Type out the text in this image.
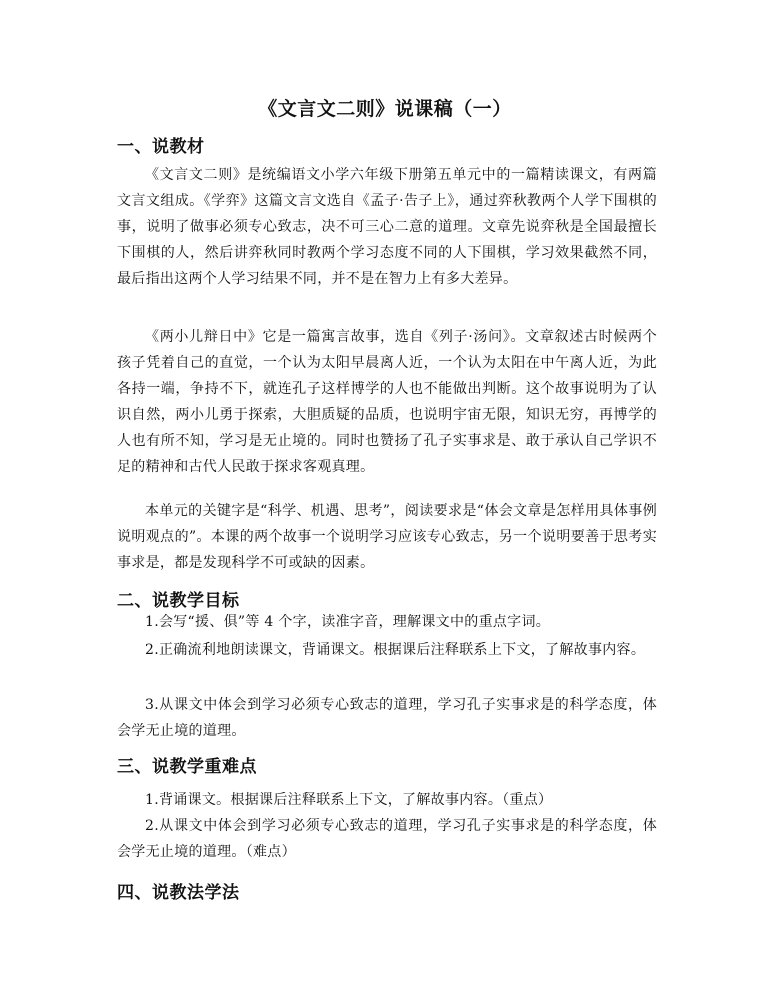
《文言文二则》说课稿（一）
一、说教材
《文言文二则》是统编语文小学六年级下册第五单元中的一篇精读课文，有两篇文言文组成。《学弈》这篇文言文选自《孟子·告子上》，通过弈秋教两个人学下围棋的事，说明了做事必须专心致志，决不可三心二意的道理。文章先说弈秋是全国最擅长下围棋的人，然后讲弈秋同时教两个学习态度不同的人下围棋，学习效果截然不同，最后指出这两个人学习结果不同，并不是在智力上有多大差异。
《两小儿辩日中》它是一篇寓言故事，选自《列子·汤问》。文章叙述古时候两个孩子凭着自己的直觉，一个认为太阳早晨离人近，一个认为太阳在中午离人近，为此各持一端，争持不下，就连孔子这样博学的人也不能做出判断。这个故事说明为了认识自然，两小儿勇于探索，大胆质疑的品质，也说明宇宙无限，知识无穷，再博学的人也有所不知，学习是无止境的。同时也赞扬了孔子实事求是、敢于承认自己学识不足的精神和古代人民敢于探求客观真理。
本单元的关键字是“科学、机遇、思考”，阅读要求是“体会文章是怎样用具体事例说明观点的”。本课的两个故事一个说明学习应该专心致志，另一个说明要善于思考实事求是，都是发现科学不可或缺的因素。
二、说教学目标
1.会写“援、俱”等 4 个字，读准字音，理解课文中的重点字词。
2.正确流利地朗读课文，背诵课文。根据课后注释联系上下文，了解故事内容。
3.从课文中体会到学习必须专心致志的道理，学习孔子实事求是的科学态度，体会学无止境的道理。
三、说教学重难点
1.背诵课文。根据课后注释联系上下文，了解故事内容。（重点）
2.从课文中体会到学习必须专心致志的道理，学习孔子实事求是的科学态度，体会学无止境的道理。（难点）
四、说教法学法
